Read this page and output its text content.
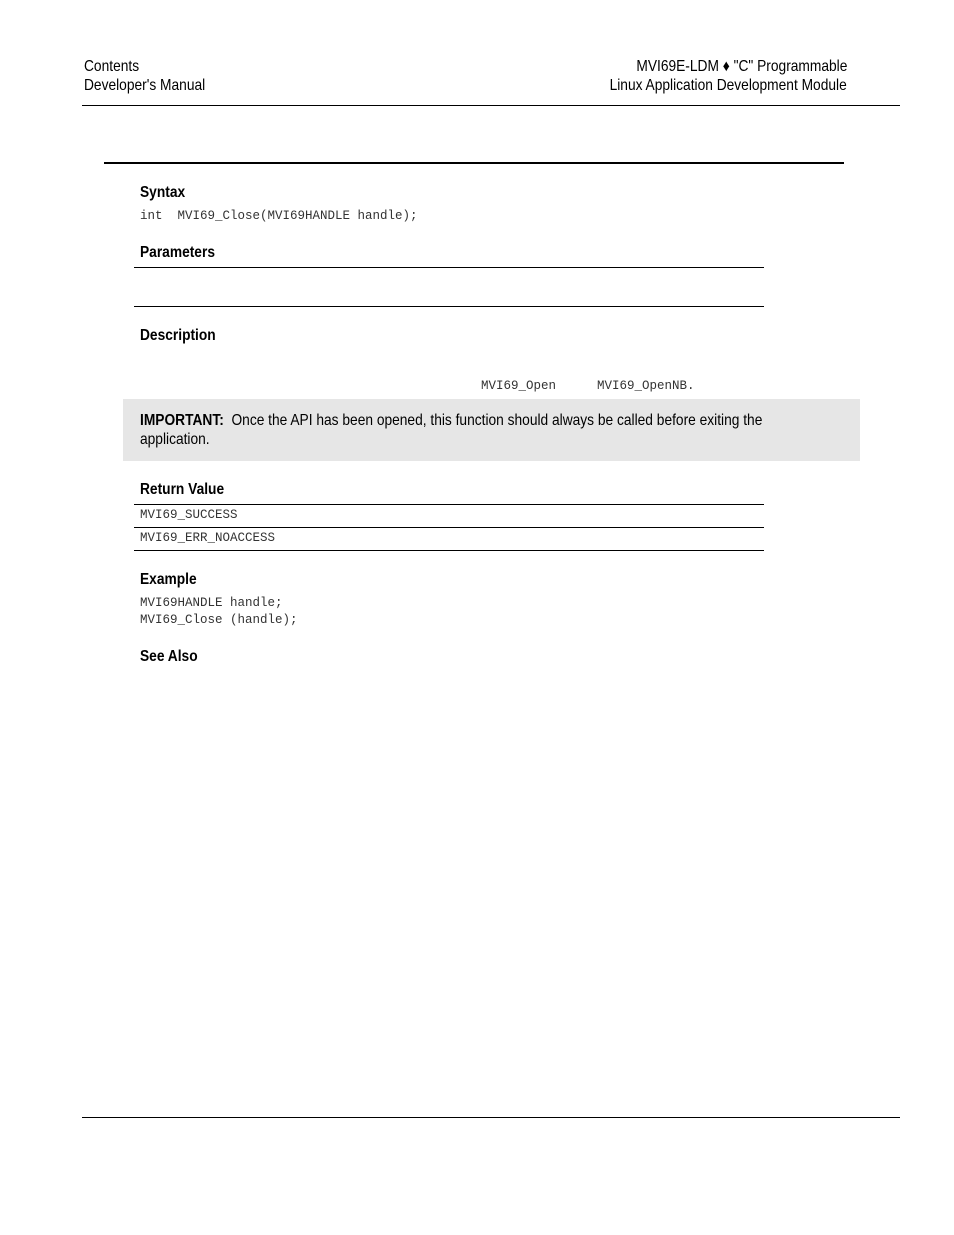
Contents
Developer's Manual
MVI69E-LDM ♦ "C" Programmable
Linux Application Development Module
Syntax
int  MVI69_Close(MVI69HANDLE handle);
Parameters
Description
MVI69_Open	MVI69_OpenNB.
IMPORTANT: Once the API has been opened, this function should always be called before exiting the application.
Return Value
MVI69_SUCCESS
MVI69_ERR_NOACCESS
Example
MVI69HANDLE handle;
MVI69_Close (handle);
See Also
